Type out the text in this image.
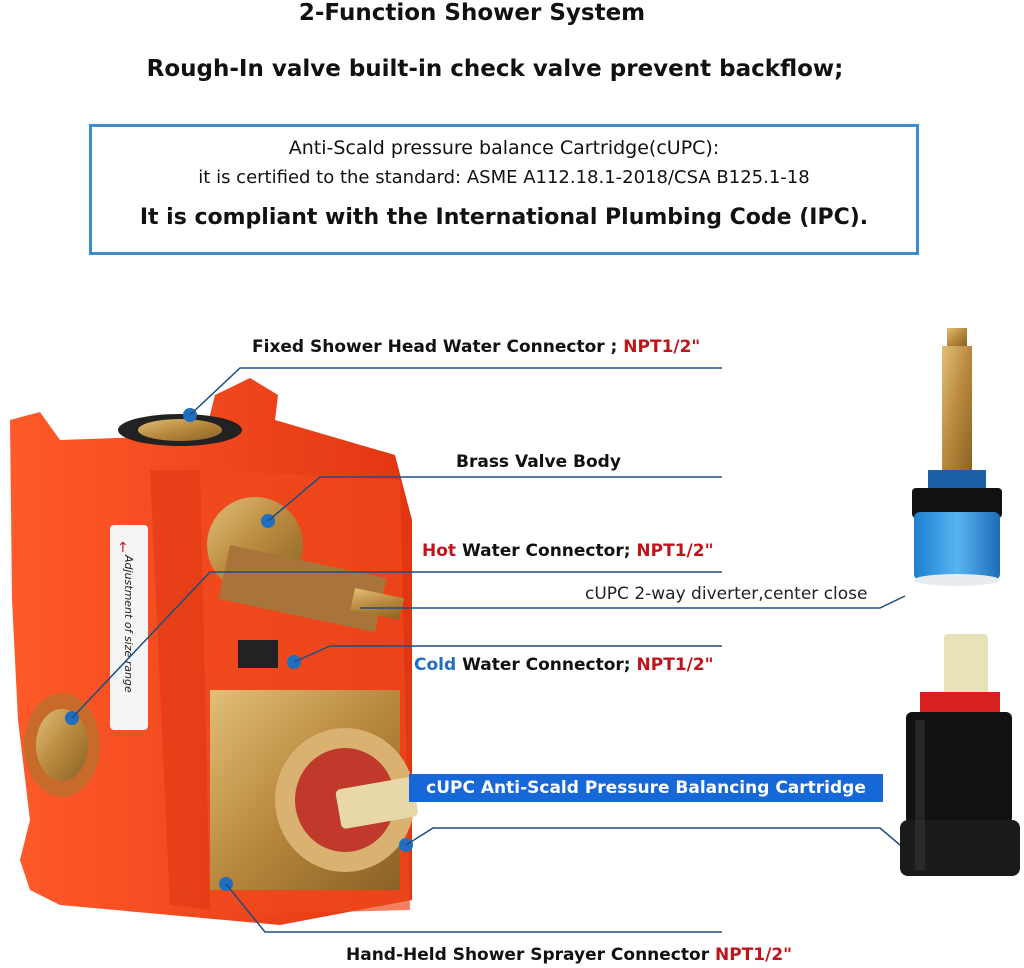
2-Function Shower System
Rough-In valve built-in check valve prevent backflow;
Anti-Scald pressure balance Cartridge(cUPC):
it is certified to the standard: ASME A112.18.1-2018/CSA B125.1-18
It is compliant with the International Plumbing Code (IPC).
Adjustment of size range
↑
Fixed Shower Head Water Connector ; NPT1/2"
Brass Valve Body
Hot Water Connector; NPT1/2"
cUPC 2-way diverter,center close
Cold Water Connector; NPT1/2"
cUPC Anti-Scald Pressure Balancing Cartridge
Hand-Held Shower Sprayer Connector NPT1/2"
